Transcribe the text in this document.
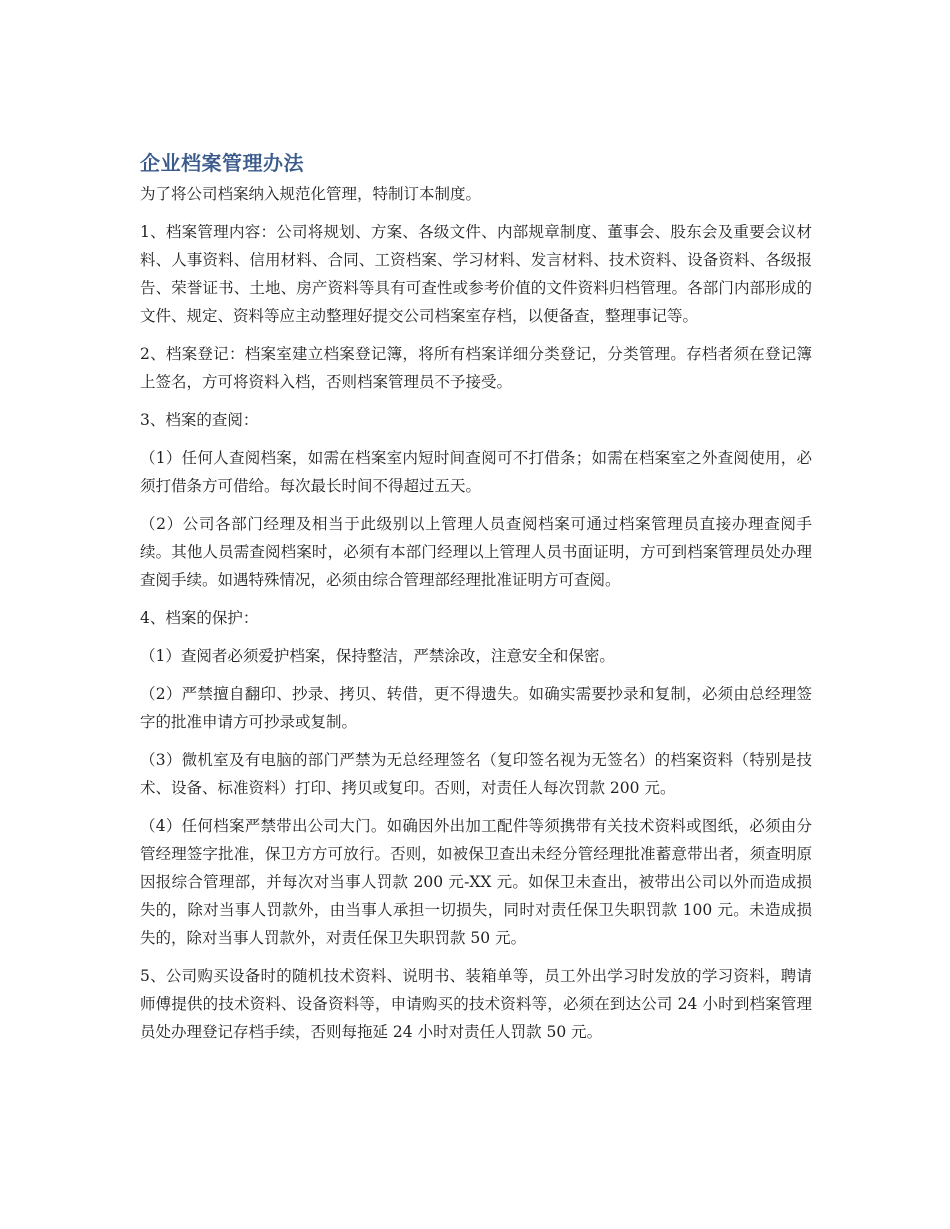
企业档案管理办法

为了将公司档案纳入规范化管理，特制订本制度。

1、档案管理内容：公司将规划、方案、各级文件、内部规章制度、董事会、股东会及重要会议材料、人事资料、信用材料、合同、工资档案、学习材料、发言材料、技术资料、设备资料、各级报告、荣誉证书、土地、房产资料等具有可查性或参考价值的文件资料归档管理。各部门内部形成的文件、规定、资料等应主动整理好提交公司档案室存档，以便备查，整理事记等。

2、档案登记：档案室建立档案登记簿，将所有档案详细分类登记，分类管理。存档者须在登记簿上签名，方可将资料入档，否则档案管理员不予接受。

3、档案的查阅：

（1）任何人查阅档案，如需在档案室内短时间查阅可不打借条；如需在档案室之外查阅使用，必须打借条方可借给。每次最长时间不得超过五天。

（2）公司各部门经理及相当于此级别以上管理人员查阅档案可通过档案管理员直接办理查阅手续。其他人员需查阅档案时，必须有本部门经理以上管理人员书面证明，方可到档案管理员处办理查阅手续。如遇特殊情况，必须由综合管理部经理批准证明方可查阅。

4、档案的保护：

（1）查阅者必须爱护档案，保持整洁，严禁涂改，注意安全和保密。

（2）严禁擅自翻印、抄录、拷贝、转借，更不得遗失。如确实需要抄录和复制，必须由总经理签字的批准申请方可抄录或复制。

（3）微机室及有电脑的部门严禁为无总经理签名（复印签名视为无签名）的档案资料（特别是技术、设备、标准资料）打印、拷贝或复印。否则，对责任人每次罚款 200 元。

（4）任何档案严禁带出公司大门。如确因外出加工配件等须携带有关技术资料或图纸，必须由分管经理签字批准，保卫方方可放行。否则，如被保卫查出未经分管经理批准蓄意带出者，须查明原因报综合管理部，并每次对当事人罚款 200 元-XX 元。如保卫未查出，被带出公司以外而造成损失的，除对当事人罚款外，由当事人承担一切损失，同时对责任保卫失职罚款 100 元。未造成损失的，除对当事人罚款外，对责任保卫失职罚款 50 元。

5、公司购买设备时的随机技术资料、说明书、装箱单等，员工外出学习时发放的学习资料，聘请师傅提供的技术资料、设备资料等，申请购买的技术资料等，必须在到达公司 24 小时到档案管理员处办理登记存档手续，否则每拖延 24 小时对责任人罚款 50 元。
